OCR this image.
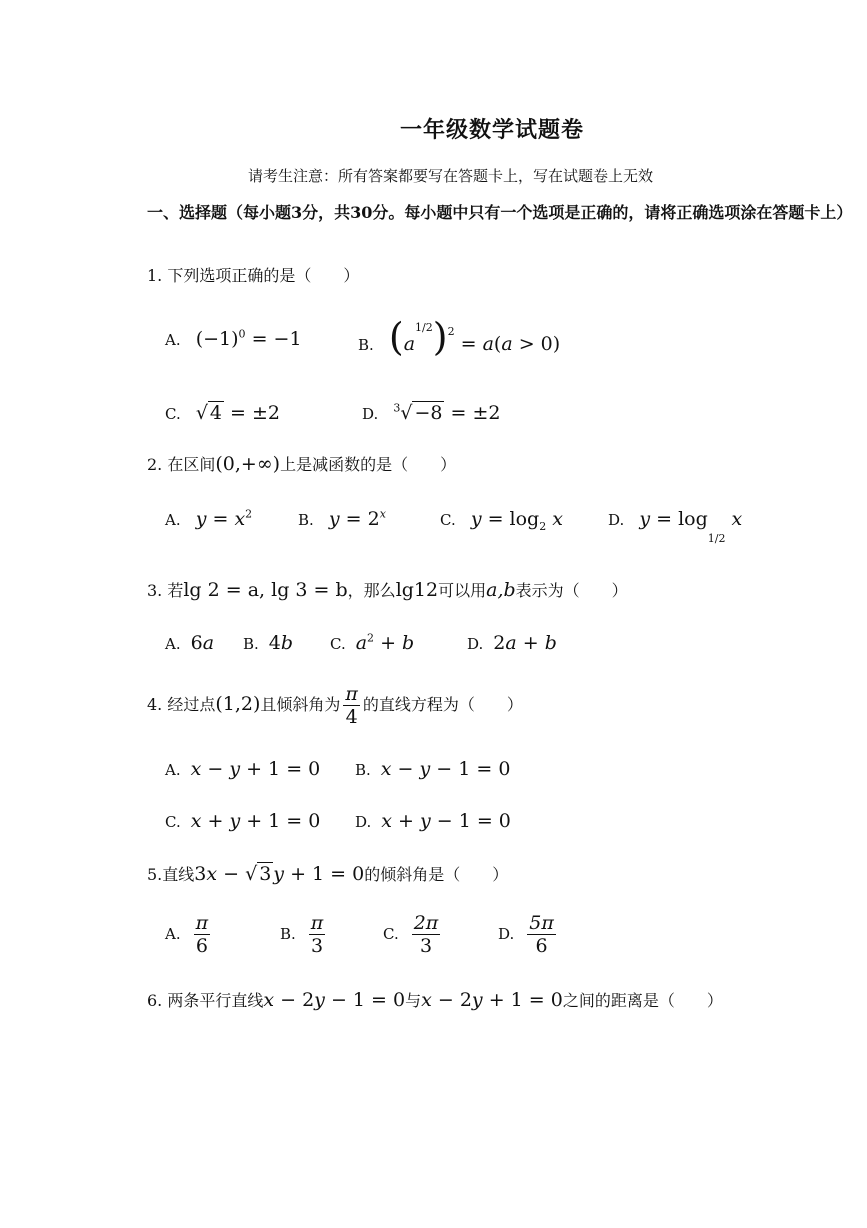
一年级数学试题卷
请考生注意：所有答案都要写在答题卡上，写在试题卷上无效
一、选择题（每小题3分，共30分。每小题中只有一个选项是正确的，请将正确选项涂在答题卡上）
1. 下列选项正确的是（　　）
A. $(-1)^0 = -1$	B. $(a^{1/2})^2 = a(a > 0)$
C. √ 4 = ±2	D. $^3$√ −8 = ±2
2. 在区间(0,+∞)上是减函数的是（　　）
A. $y = x^2$	B. $y = 2^x$	C. $y = \log_2 x$	D. $y = \log_{1/2} x$
3. 若lg 2 = a, lg 3 = b，那么lg12可以用a,b表示为（　　）
A. 6a B. 4b C. $a^2 + b$	D. 2a + b
4. 经过点(1,2)且倾斜角为 $\frac{\pi}{4}$ 的直线方程为（　　）
A. x − y + 1 = 0 B. x − y − 1 = 0
C. x + y + 1 = 0 D. x + y − 1 = 0
5.直线3x − √ 3 y + 1 = 0的倾斜角是（　　）
A. $\frac{\pi}{6}$	B. $\frac{\pi}{3}$	C. $\frac{2\pi}{3}$	D. $\frac{5\pi}{6}$
6. 两条平行直线x − 2y − 1 = 0与x − 2y + 1 = 0之间的距离是（　　）
